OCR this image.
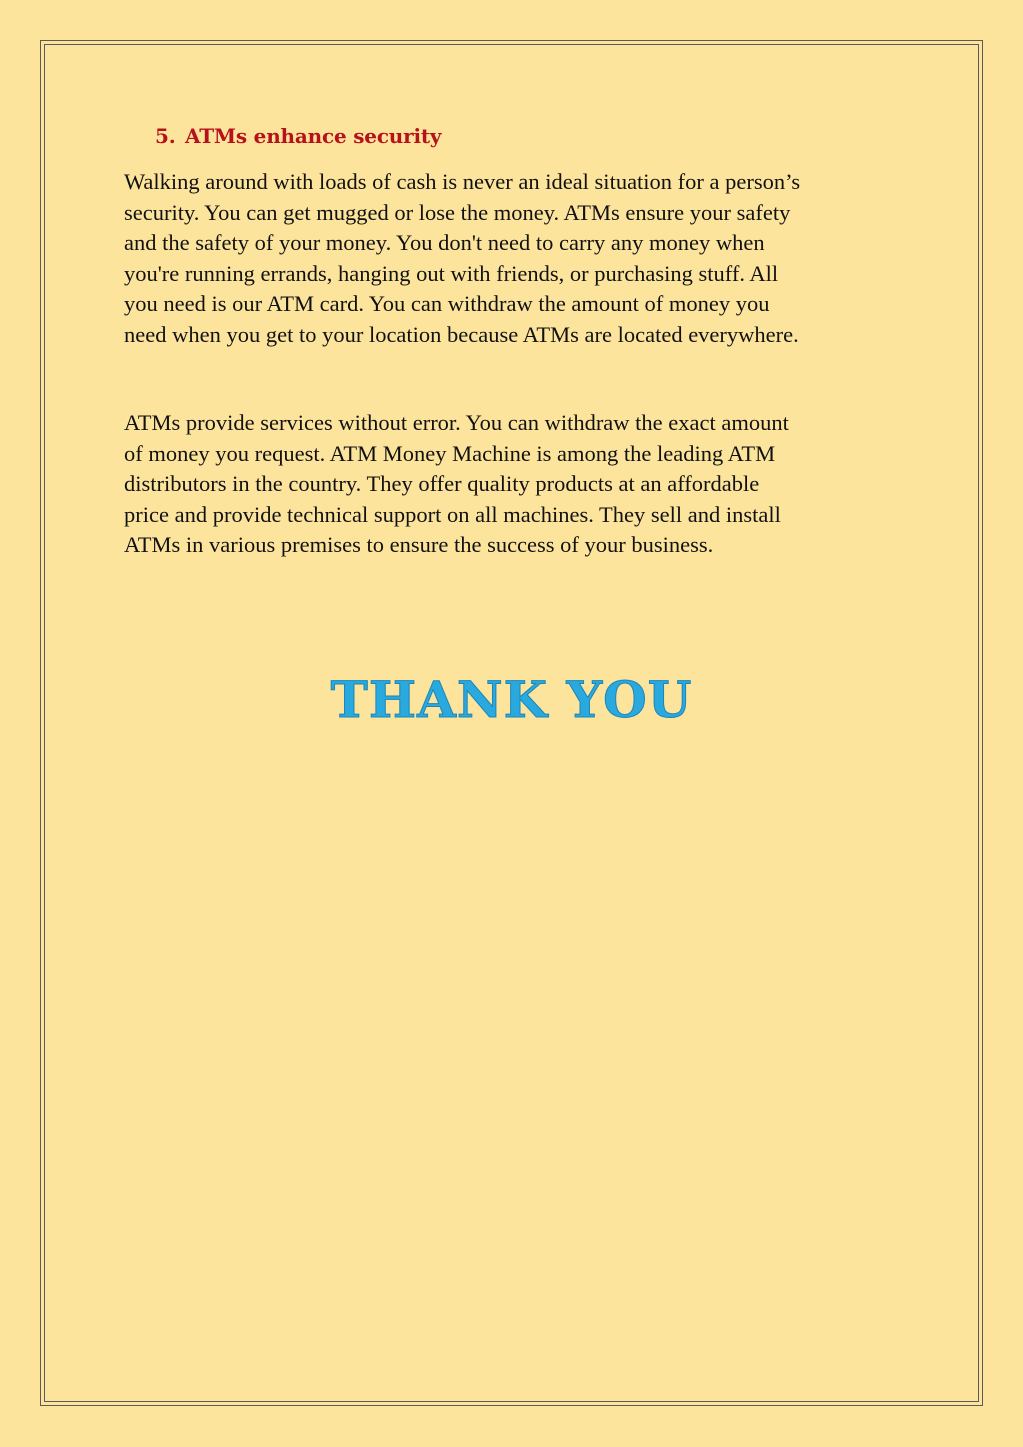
5. ATMs enhance security

Walking around with loads of cash is never an ideal situation for a person’s
security. You can get mugged or lose the money. ATMs ensure your safety
and the safety of your money. You don't need to carry any money when
you're running errands, hanging out with friends, or purchasing stuff. All
you need is our ATM card. You can withdraw the amount of money you
need when you get to your location because ATMs are located everywhere.

ATMs provide services without error. You can withdraw the exact amount
of money you request. ATM Money Machine is among the leading ATM
distributors in the country. They offer quality products at an affordable
price and provide technical support on all machines. They sell and install
ATMs in various premises to ensure the success of your business.

THANK YOU
